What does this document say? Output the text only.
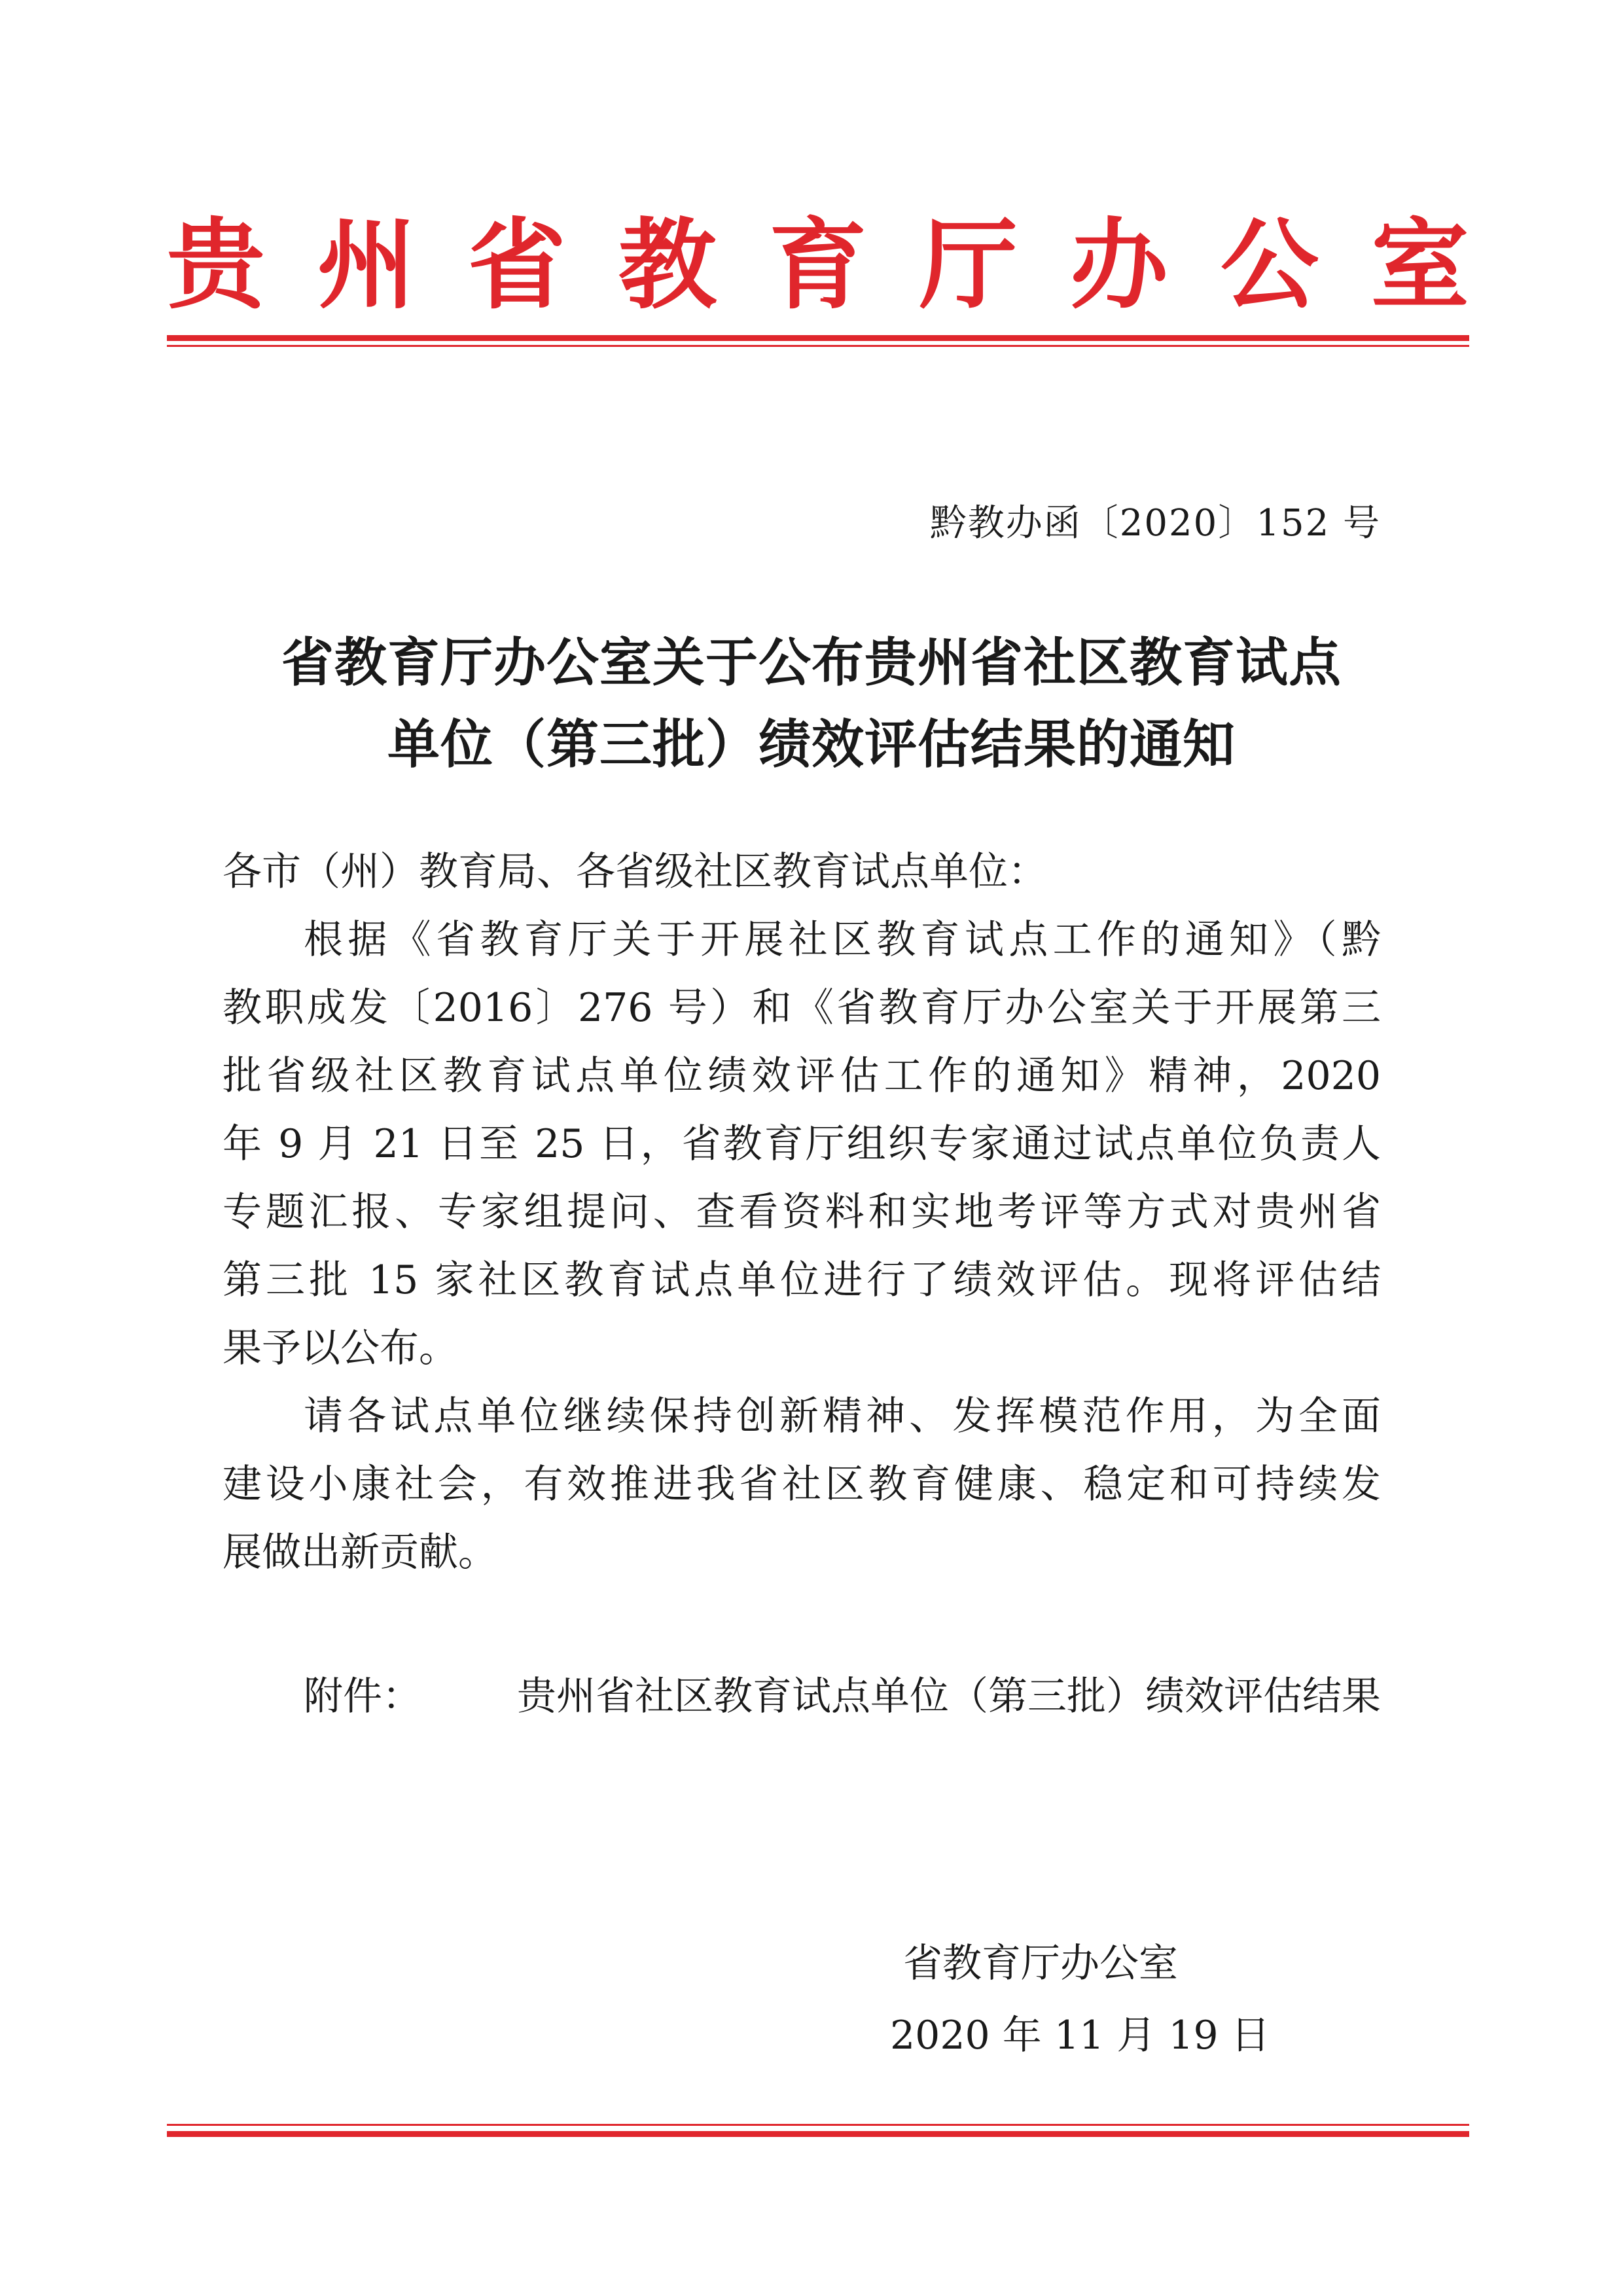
贵 州 省 教 育 厅 办 公 室
黔教办函〔2020〕152 号
省教育厅办公室关于公布贵州省社区教育试点
单位（第三批）绩效评估结果的通知
各市（州）教育局、各省级社区教育试点单位：
根据《省教育厅关于开展社区教育试点工作的通知》（黔
教职成发〔2016〕276 号）和《省教育厅办公室关于开展第三
批省级社区教育试点单位绩效评估工作的通知》精神，2020
年 9 月 21 日至 25 日，省教育厅组织专家通过试点单位负责人
专题汇报、专家组提问、查看资料和实地考评等方式对贵州省
第三批 15 家社区教育试点单位进行了绩效评估。现将评估结
果予以公布。
请各试点单位继续保持创新精神、发挥模范作用，为全面
建设小康社会，有效推进我省社区教育健康、稳定和可持续发
展做出新贡献。
附件： 贵州省社区教育试点单位（第三批）绩效评估结果
省教育厅办公室
2020 年 11 月 19 日
